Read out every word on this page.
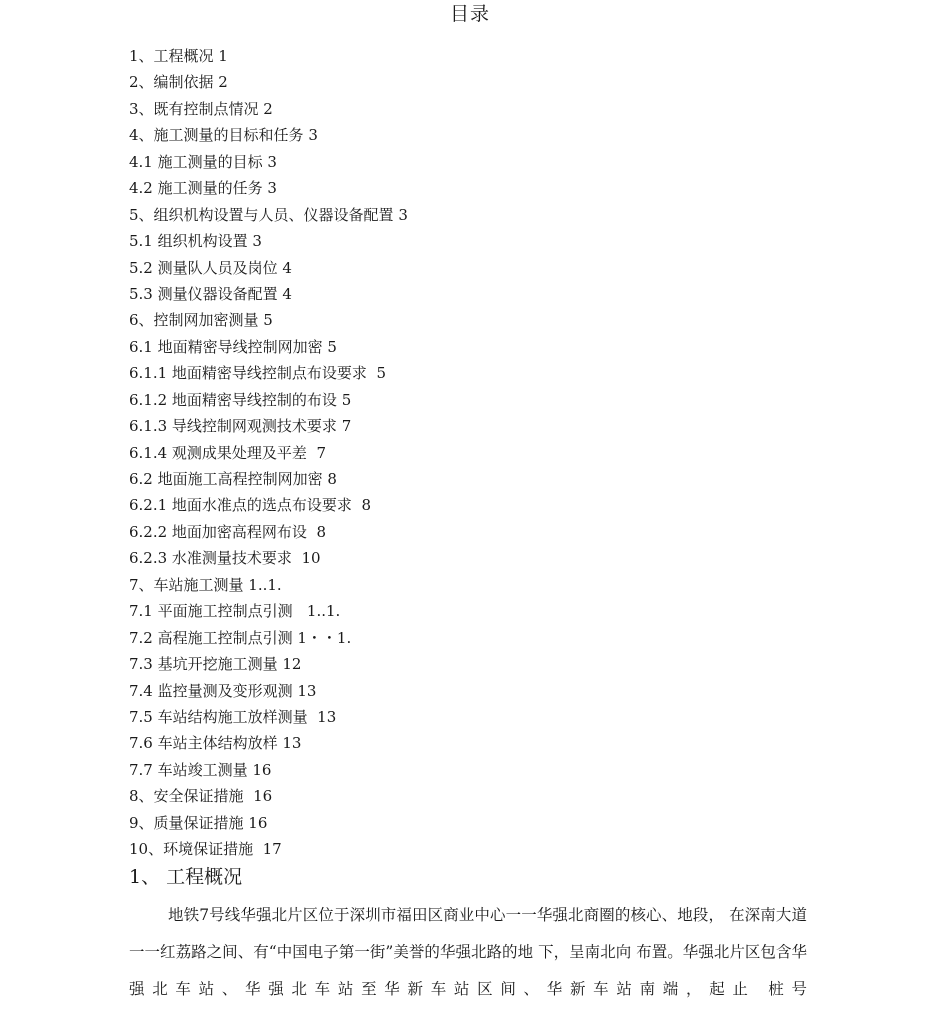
目录
1、工程概况 1
2、编制依据 2
3、既有控制点情况 2
4、施工测量的目标和任务 3
4.1 施工测量的目标 3
4.2 施工测量的任务 3
5、组织机构设置与人员、仪器设备配置 3
5.1 组织机构设置 3
5.2 测量队人员及岗位 4
5.3 测量仪器设备配置 4
6、控制网加密测量 5
6.1 地面精密导线控制网加密 5
6.1.1 地面精密导线控制点布设要求  5
6.1.2 地面精密导线控制的布设 5
6.1.3 导线控制网观测技术要求 7
6.1.4 观测成果处理及平差  7
6.2 地面施工高程控制网加密 8
6.2.1 地面水准点的选点布设要求  8
6.2.2 地面加密高程网布设  8
6.2.3 水准测量技术要求  10
7、车站施工测量 1..1.
7.1 平面施工控制点引测   1..1.
7.2 高程施工控制点引测 1・・1.
7.3 基坑开挖施工测量 12
7.4 监控量测及变形观测 13
7.5 车站结构施工放样测量  13
7.6 车站主体结构放样 13
7.7 车站竣工测量 16
8、安全保证措施  16
9、质量保证措施 16
10、环境保证措施  17
1、 工程概况

地铁7号线华强北片区位于深圳市福田区商业中心一一华强北商圈的核心、地段， 在深南大道一一红荔路之间、有“中国电子第一街”美誉的华强北路的地 下，呈南北向 布置。华强北片区包含华强北车站、华强北车站至华新车站区间、华新车站南端，起止 桩号
